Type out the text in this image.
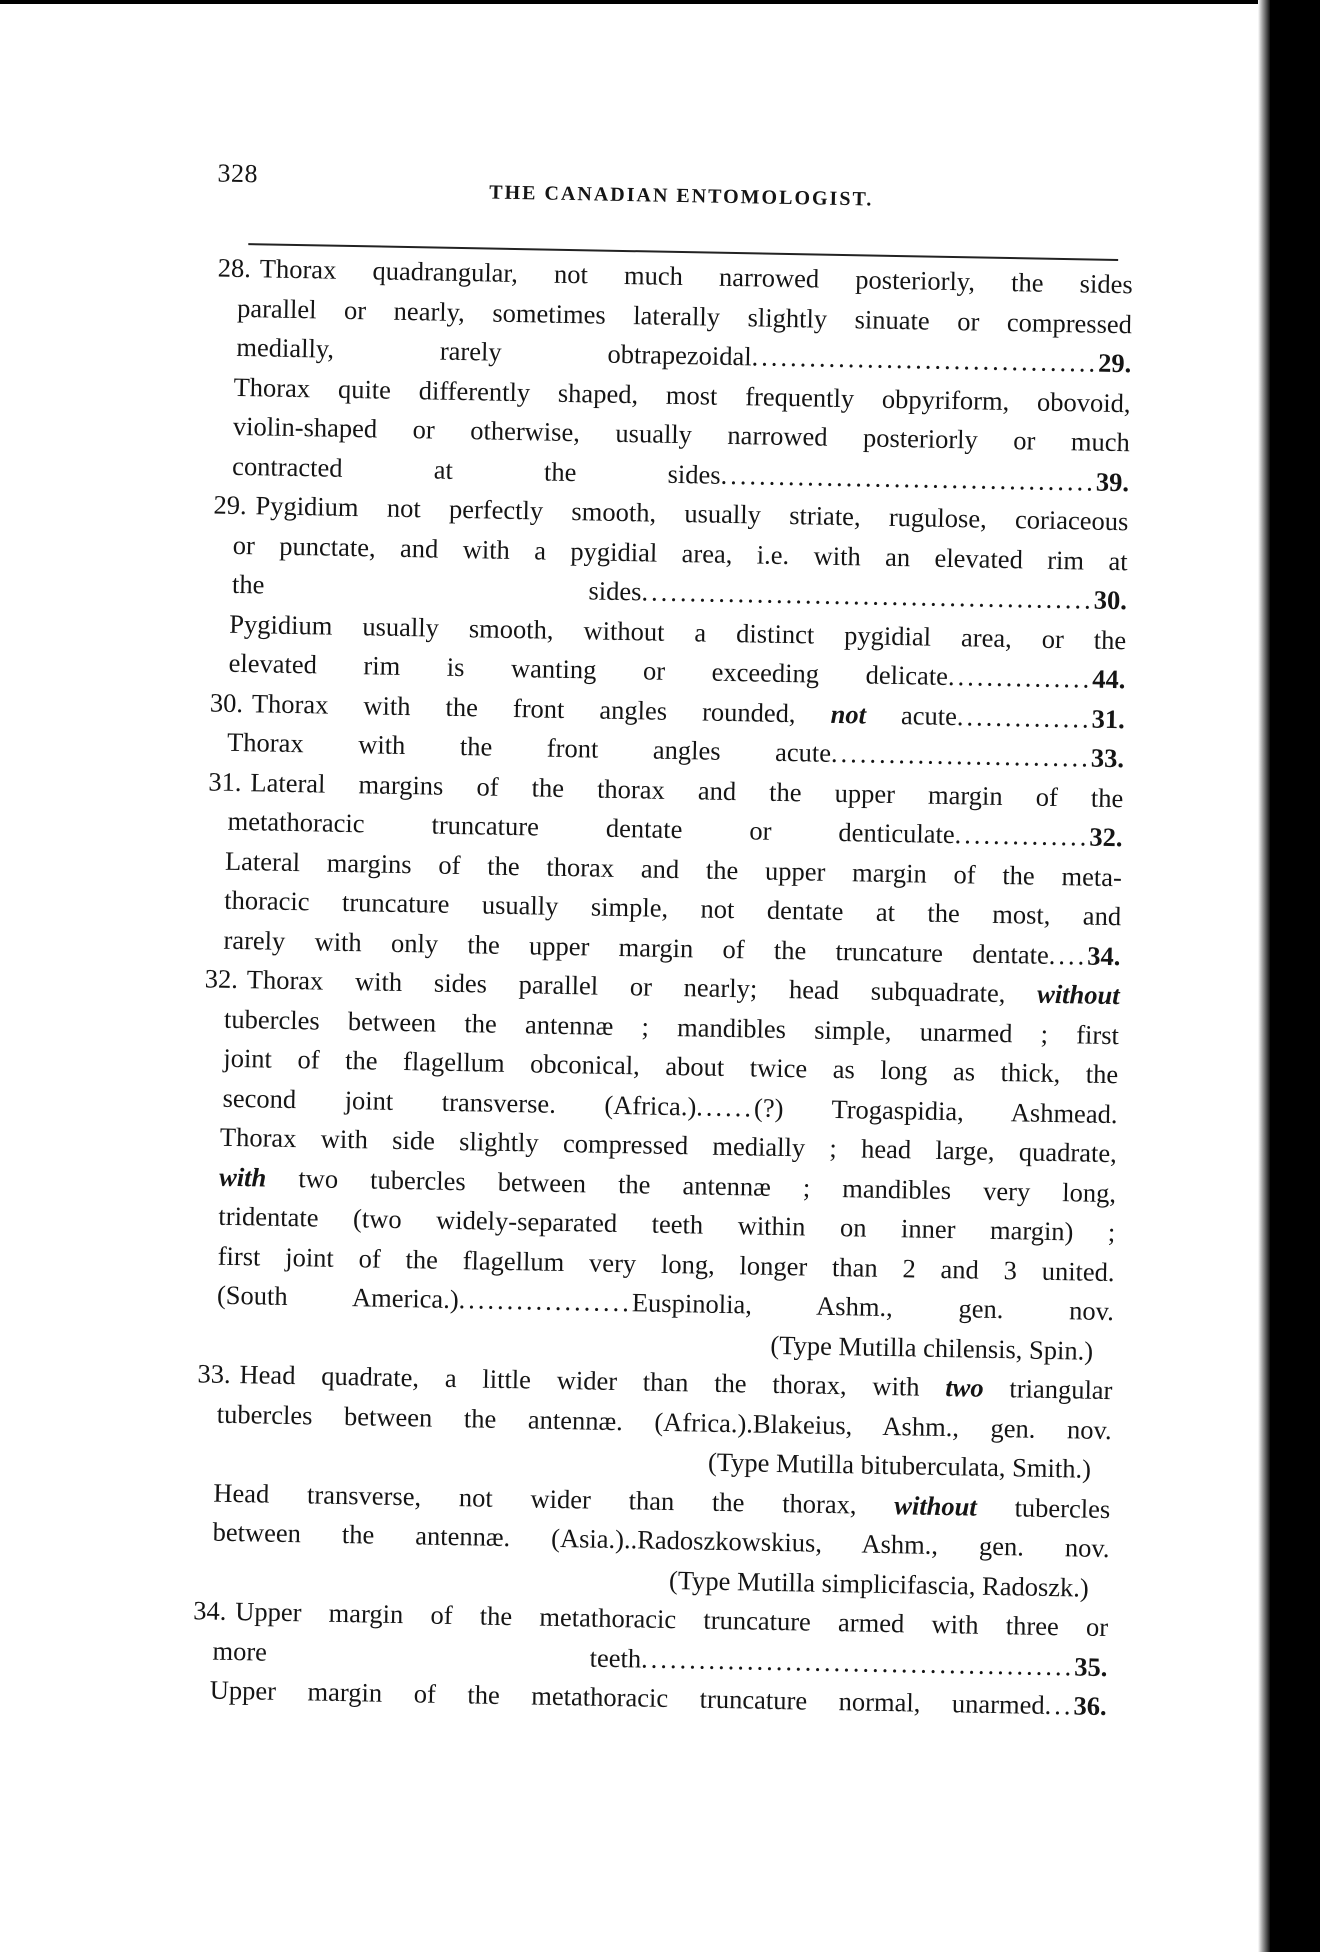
328
THE CANADIAN ENTOMOLOGIST.
28. Thorax quadrangular, not much narrowed posteriorly, the sides
parallel or nearly, sometimes laterally slightly sinuate or compressed
medially, rarely obtrapezoidal....................................29.
Thorax quite differently shaped, most frequently obpyriform, obovoid,
violin-shaped or otherwise, usually narrowed posteriorly or much
contracted at the sides.......................................39.
29. Pygidium not perfectly smooth, usually striate, rugulose, coriaceous
or punctate, and with a pygidial area, i.e. with an elevated rim at
the sides...............................................30.
Pygidium usually smooth, without a distinct pygidial area, or the
elevated rim is wanting or exceeding delicate...............44.
30. Thorax with the front angles rounded, not acute..............31.
Thorax with the front angles acute...........................33.
31. Lateral margins of the thorax and the upper margin of the
metathoracic truncature dentate or denticulate..............32.
Lateral margins of the thorax and the upper margin of the meta-
thoracic truncature usually simple, not dentate at the most, and
rarely with only the upper margin of the truncature dentate....34.
32. Thorax with sides parallel or nearly; head subquadrate, without
tubercles between the antennæ ; mandibles simple, unarmed ; first
joint of the flagellum obconical, about twice as long as thick, the
second joint transverse. (Africa.)......(?) Trogaspidia, Ashmead.
Thorax with side slightly compressed medially ; head large, quadrate,
with two tubercles between the antennæ ; mandibles very long,
tridentate (two widely-separated teeth within on inner margin) ;
first joint of the flagellum very long, longer than 2 and 3 united.
(South America.)..................Euspinolia, Ashm., gen. nov.
(Type Mutilla chilensis, Spin.)
33. Head quadrate, a little wider than the thorax, with two triangular
tubercles between the antennæ. (Africa.).Blakeius, Ashm., gen. nov.
(Type Mutilla bituberculata, Smith.)
Head transverse, not wider than the thorax, without tubercles
between the antennæ. (Asia.)..Radoszkowskius, Ashm., gen. nov.
(Type Mutilla simplicifascia, Radoszk.)
34. Upper margin of the metathoracic truncature armed with three or
more teeth.............................................35.
Upper margin of the metathoracic truncature normal, unarmed...36.
